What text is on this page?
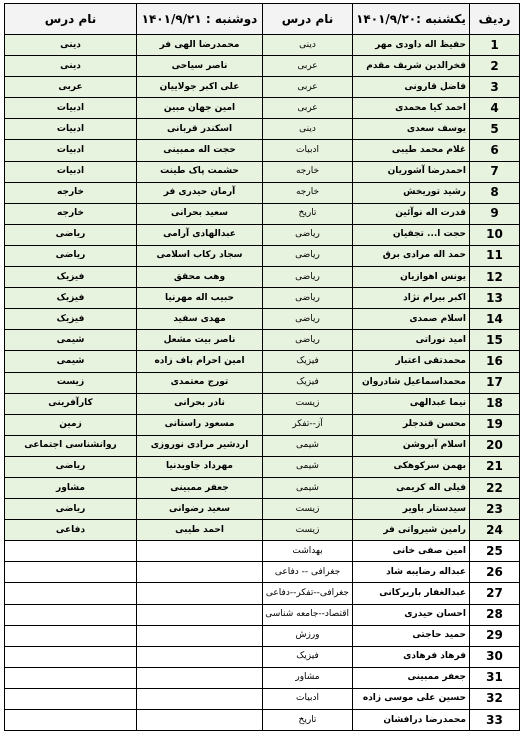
ردیف	یکشنبه :۱۴۰۱/۹/۲۰	نام درس	دوشنبه : ۱۴۰۱/۹/۲۱	نام درس
1	حفیظ اله داودی مهر	دینی	محمدرضا الهی فر	دینی
2	فخرالدین شریف مقدم	عربی	ناصر سیاحی	دینی
3	فاضل قارونی	عربی	علی اکبر جولاییان	عربی
4	احمد کیا محمدی	عربی	امین جهان مبین	ادبیات
5	یوسف سعدی	دینی	اسکندر قربانی	ادبیات
6	غلام محمد طیبی	ادبیات	حجت اله ممبینی	ادبیات
7	احمدرضا آشوریان	خارجه	حشمت پاک طینت	ادبیات
8	رشید توریخش	خارجه	آرمان حیدری فر	خارجه
9	قدرت اله نوآئین	تاریخ	سعید بحرانی	خارجه
10	حجت ا... تجفیان	ریاضی	عبدالهادی آرامی	ریاضی
11	حمد اله مرادی برق	ریاضی	سجاد رکاب اسلامی	ریاضی
12	یونس اهوازیان	ریاضی	وهب محقق	فیزیک
13	اکبر بیرام نژاد	ریاضی	حبیب اله مهرنیا	فیزیک
14	اسلام صمدی	ریاضی	مهدی سفید	فیزیک
15	امید نوراتی	ریاضی	ناصر بیت مشعل	شیمی
16	محمدتقی اعتبار	فیزیک	امین احرام باف زاده	شیمی
17	محمداسماعیل شادروان	فیزیک	تورج معتمدی	زیست
18	نیما عبدالهی	زیست	نادر بحرانی	کارآفرینی
19	محسن قندجلر	آز--تفکر	مسعود راستانی	زمین
20	اسلام آبروشن	شیمی	اردشیر مرادی نوروزی	روانشناسی اجتماعی
21	بهمن سرکوهکی	شیمی	مهرداد جاویدنیا	ریاضی
22	فیلی اله کریمی	شیمی	جعفر ممبینی	مشاور
23	سیدستار باویر	زیست	سعید رضوانی	ریاضی
24	رامین شیرواتی فر	زیست	احمد طیبی	دفاعی
25	امین صفی خانی	بهداشت		
26	عبداله رضایبه شاد	جغرافی -- دفاعی		
27	عبدالغفار باریرکانی	جغرافی--تفکر--دفاعی		
28	احسان حیدری	اقتصاد--جامعه شناسی		
29	حمید حاجتی	ورزش		
30	فرهاد فرهادی	فیزیک		
31	جعفر ممبینی	مشاور		
32	حسین علی موسی زاده	ادبیات		
33	محمدرضا درافشان	تاریخ		
